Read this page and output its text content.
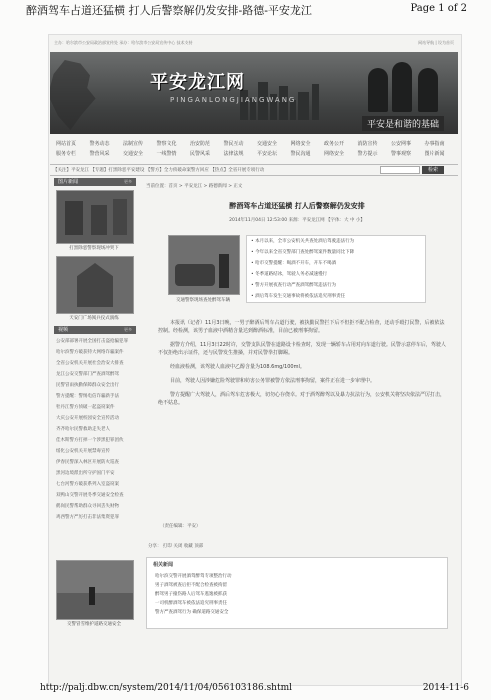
醉酒驾车占道还猛横 打人后警察解仍发安排-路德-平安龙江	Page 1 of 2
主办：哈尔滨市公安局政治部宣传处 承办：哈尔滨市公安局宣传中心 技术支持	网站导航 | 设为首页
平安龙江网
PINGANLONGJIANGWANG
平安是和谐的基础
网站首页	警务动态	法制宣传	警察文化	治安防范	警民互动	交通安全	网络安全	政务公开	消防宣传	公安网事	办事指南
服务专栏	警营风采	交通安全	一线警情	民警风采	法律法规	平安论坛	警民沟通	网络安全	警方提示	警事观察	图片新闻
【关注】平安龙江 【专题】打黑除恶平安建设 【警方】全力侦破命案警方回应 【热点】全省开展专项行动	检索
图片新闻	更多
打黑除恶警察现场冲突下
天安门广场阅兵仪式演练
视频	更多
公安部部署开展全国打击盗抢骗犯罪
哈尔滨警方破获特大网络诈骗案件
全省公安机关开展社会治安大排查
龙江公安交警部门严查酒驾醉驾
民警冒雨执勤保障群众安全出行
警方提醒：警惕电信诈骗新手法
牡丹江警方侦破一起盗窃案件
大庆公安开展校园安全宣传活动
齐齐哈尔民警救助走失老人
佳木斯警方打掉一个涉黑犯罪团伙
绥化公安机关开展禁毒宣传
伊春民警深入林区开展防火巡查
黑河边境派出所守护国门平安
七台河警方破获系列入室盗窃案
双鸭山交警开展冬季交通安全检查
鹤岗民警帮助群众寻回丢失财物
鸡西警方严厉打击非法集资犯罪
交警冒雪维护道路交通安全
当前位置：首页 > 平安龙江 > 路德新闻 > 正文
醉酒驾车占道还猛横 打人后警察解仍发安排
2014年11月04日 12:53:00 来源：平安龙江网 【字体：大 中 小】
交通警察现场查处醉驾车辆
• 本月以来，全市公安机关共查处酒后驾驶违法行为
• 今年以来全省交警部门查处醉驾案件数量同比下降
• 哈市交警提醒：喝酒不开车，开车不喝酒
• 冬季道路结冰，驾驶人务必减速慢行
• 警方开展夜查行动严查酒驾醉驾违法行为
• 酒后驾车发生交通事故将被依法追究刑事责任
本报讯（记者）11月3日晚，一男子醉酒后驾车占道行驶，被执勤民警拦下后不但拒不配合检查，还动手殴打民警，后被依法控制。经检测，该男子血液中酒精含量达到醉酒标准，目前已被刑事拘留。
据警方介绍，11月3日22时许，交警支队民警在道路设卡检查时，发现一辆轿车占用对向车道行驶。民警示意停车后，驾驶人不仅拒绝出示证件，还与民警发生推搡，并对民警拳打脚踢。
经血液检测，该驾驶人血液中乙醇含量为108.6mg/100ml。
目前，驾驶人因涉嫌危险驾驶罪和妨害公务罪被警方依法刑事拘留，案件正在进一步审理中。
警方提醒广大驾驶人，酒后驾车危害极大，切勿心存侥幸。对于酒驾醉驾以及暴力抗法行为，公安机关将坚决依法严厉打击，绝不姑息。
（责任编辑：平安）
分享： 打印 关闭 收藏 顶部
相关新闻
哈尔滨交警开展酒驾醉驾专项整治行动
男子酒驾被查后拒不配合检查被拘留
醉驾男子撞伤路人后驾车逃逸被抓获
一司机醉酒驾车被依法追究刑事责任
警方严查酒驾行为 确保道路交通安全
http://palj.dbw.cn/system/2014/11/04/056103186.shtml	2014-11-6
